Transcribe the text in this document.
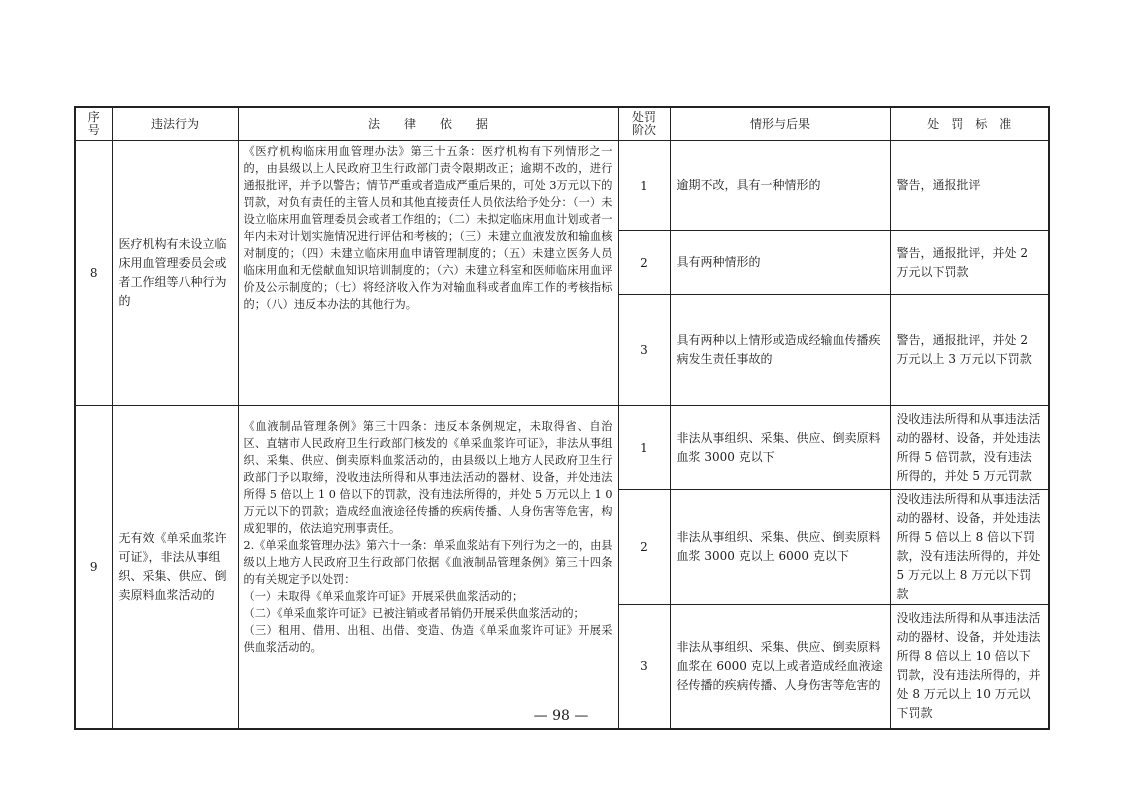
序号	违法行为	法　　律　　依　　据	处罚阶次	情形与后果	处　罚　标　准
8	医疗机构有未设立临床用血管理委员会或者工作组等八种行为的	《医疗机构临床用血管理办法》第三十五条：医疗机构有下列情形之一的，由县级以上人民政府卫生行政部门责令限期改正；逾期不改的，进行通报批评，并予以警告；情节严重或者造成严重后果的，可处 3万元以下的罚款，对负有责任的主管人员和其他直接责任人员依法给予处分：（一）未设立临床用血管理委员会或者工作组的；（二）未拟定临床用血计划或者一年内未对计划实施情况进行评估和考核的；（三）未建立血液发放和输血核对制度的；（四）未建立临床用血申请管理制度的；（五）未建立医务人员临床用血和无偿献血知识培训制度的；（六）未建立科室和医师临床用血评价及公示制度的；（七）将经济收入作为对输血科或者血库工作的考核指标的；（八）违反本办法的其他行为。	1	逾期不改，具有一种情形的	警告，通报批评
			2	具有两种情形的	警告，通报批评，并处 2 万元以下罚款
			3	具有两种以上情形或造成经输血传播疾病发生责任事故的	警告，通报批评，并处 2 万元以上 3 万元以下罚款
9	无有效《单采血浆许可证》，非法从事组织、采集、供应、倒卖原料血浆活动的	《血液制品管理条例》第三十四条：违反本条例规定，未取得省、自治区、直辖市人民政府卫生行政部门核发的《单采血浆许可证》，非法从事组织、采集、供应、倒卖原料血浆活动的，由县级以上地方人民政府卫生行政部门予以取缔，没收违法所得和从事违法活动的器材、设备，并处违法所得 5 倍以上 1 0 倍以下的罚款，没有违法所得的，并处 5 万元以上 1 0 万元以下的罚款；造成经血液途径传播的疾病传播、人身伤害等危害，构成犯罪的，依法追究刑事责任。
2.《单采血浆管理办法》第六十一条：单采血浆站有下列行为之一的，由县级以上地方人民政府卫生行政部门依据《血液制品管理条例》第三十四条的有关规定予以处罚：
（一）未取得《单采血浆许可证》开展采供血浆活动的；
（二）《单采血浆许可证》已被注销或者吊销仍开展采供血浆活动的；
（三）租用、借用、出租、出借、变造、伪造《单采血浆许可证》开展采供血浆活动的。	1	非法从事组织、采集、供应、倒卖原料血浆 3000 克以下	没收违法所得和从事违法活动的器材、设备，并处违法所得 5 倍罚款，没有违法所得的，并处 5 万元罚款
			2	非法从事组织、采集、供应、倒卖原料血浆 3000 克以上 6000 克以下	没收违法所得和从事违法活动的器材、设备，并处违法所得 5 倍以上 8 倍以下罚款，没有违法所得的，并处 5 万元以上 8 万元以下罚款
			3	非法从事组织、采集、供应、倒卖原料血浆在 6000 克以上或者造成经血液途径传播的疾病传播、人身伤害等危害的	没收违法所得和从事违法活动的器材、设备，并处违法所得 8 倍以上 10 倍以下罚款，没有违法所得的，并处 8 万元以上 10 万元以下罚款
— 98 —
